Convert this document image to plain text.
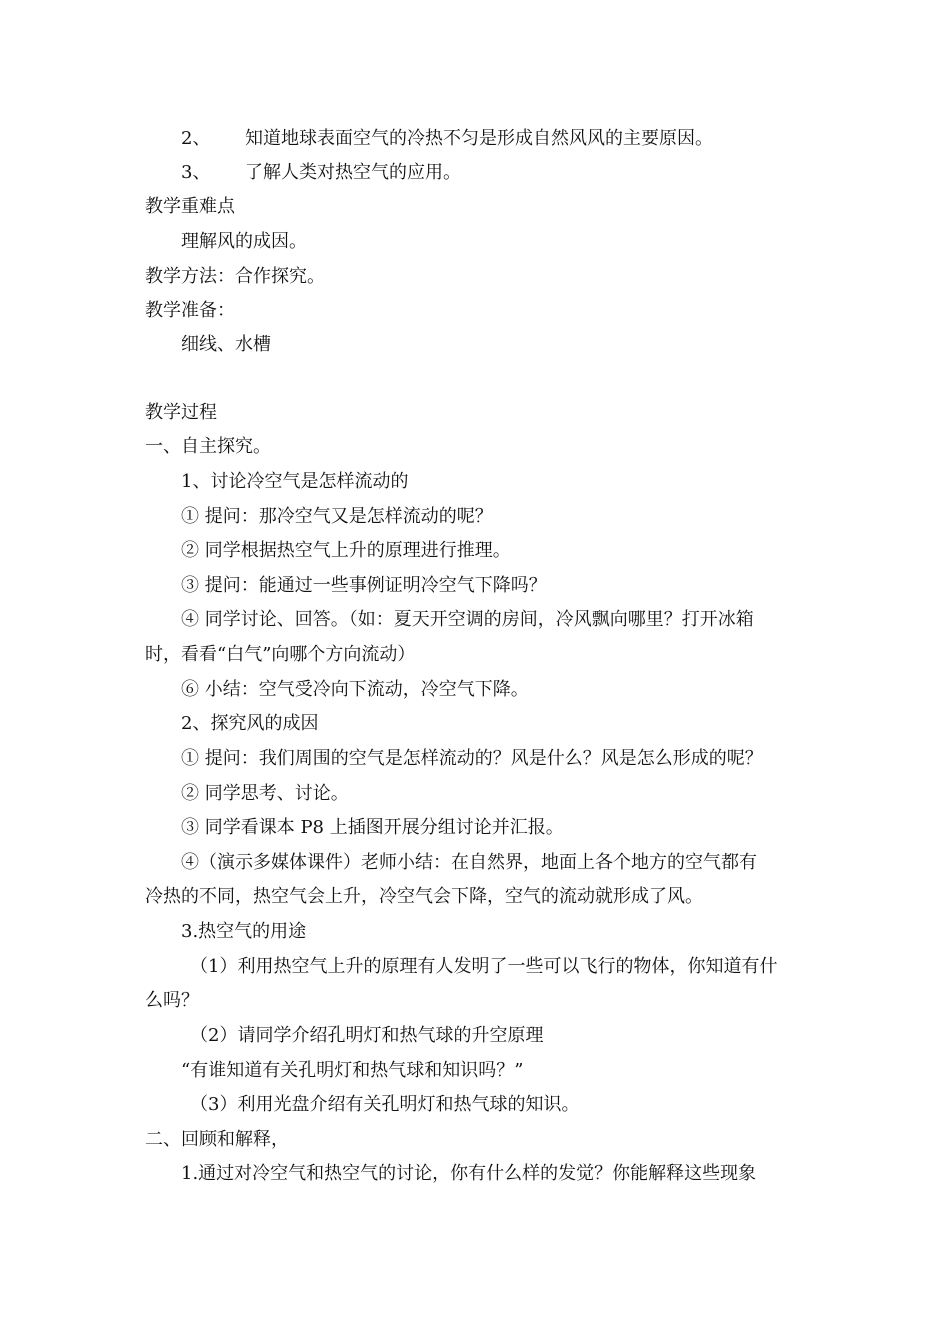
2、 知道地球表面空气的冷热不匀是形成自然风风的主要原因。
3、 了解人类对热空气的应用。
教学重难点
理解风的成因。
教学方法：合作探究。
教学准备：
细线、水槽
教学过程
一、自主探究。
1、讨论冷空气是怎样流动的
① 提问：那冷空气又是怎样流动的呢？
② 同学根据热空气上升的原理进行推理。
③ 提问：能通过一些事例证明冷空气下降吗？
④ 同学讨论、回答。（如：夏天开空调的房间，冷风飘向哪里？打开冰箱
时，看看“白气”向哪个方向流动）
⑥ 小结：空气受冷向下流动，冷空气下降。
2、探究风的成因
① 提问：我们周围的空气是怎样流动的？风是什么？风是怎么形成的呢？
② 同学思考、讨论。
③ 同学看课本 P8 上插图开展分组讨论并汇报。
④（演示多媒体课件）老师小结：在自然界，地面上各个地方的空气都有
冷热的不同，热空气会上升，冷空气会下降，空气的流动就形成了风。
3.热空气的用途
（1）利用热空气上升的原理有人发明了一些可以飞行的物体，你知道有什
么吗？
（2）请同学介绍孔明灯和热气球的升空原理
“有谁知道有关孔明灯和热气球和知识吗？”
（3）利用光盘介绍有关孔明灯和热气球的知识。
二、回顾和解释，
1.通过对冷空气和热空气的讨论，你有什么样的发觉？你能解释这些现象
